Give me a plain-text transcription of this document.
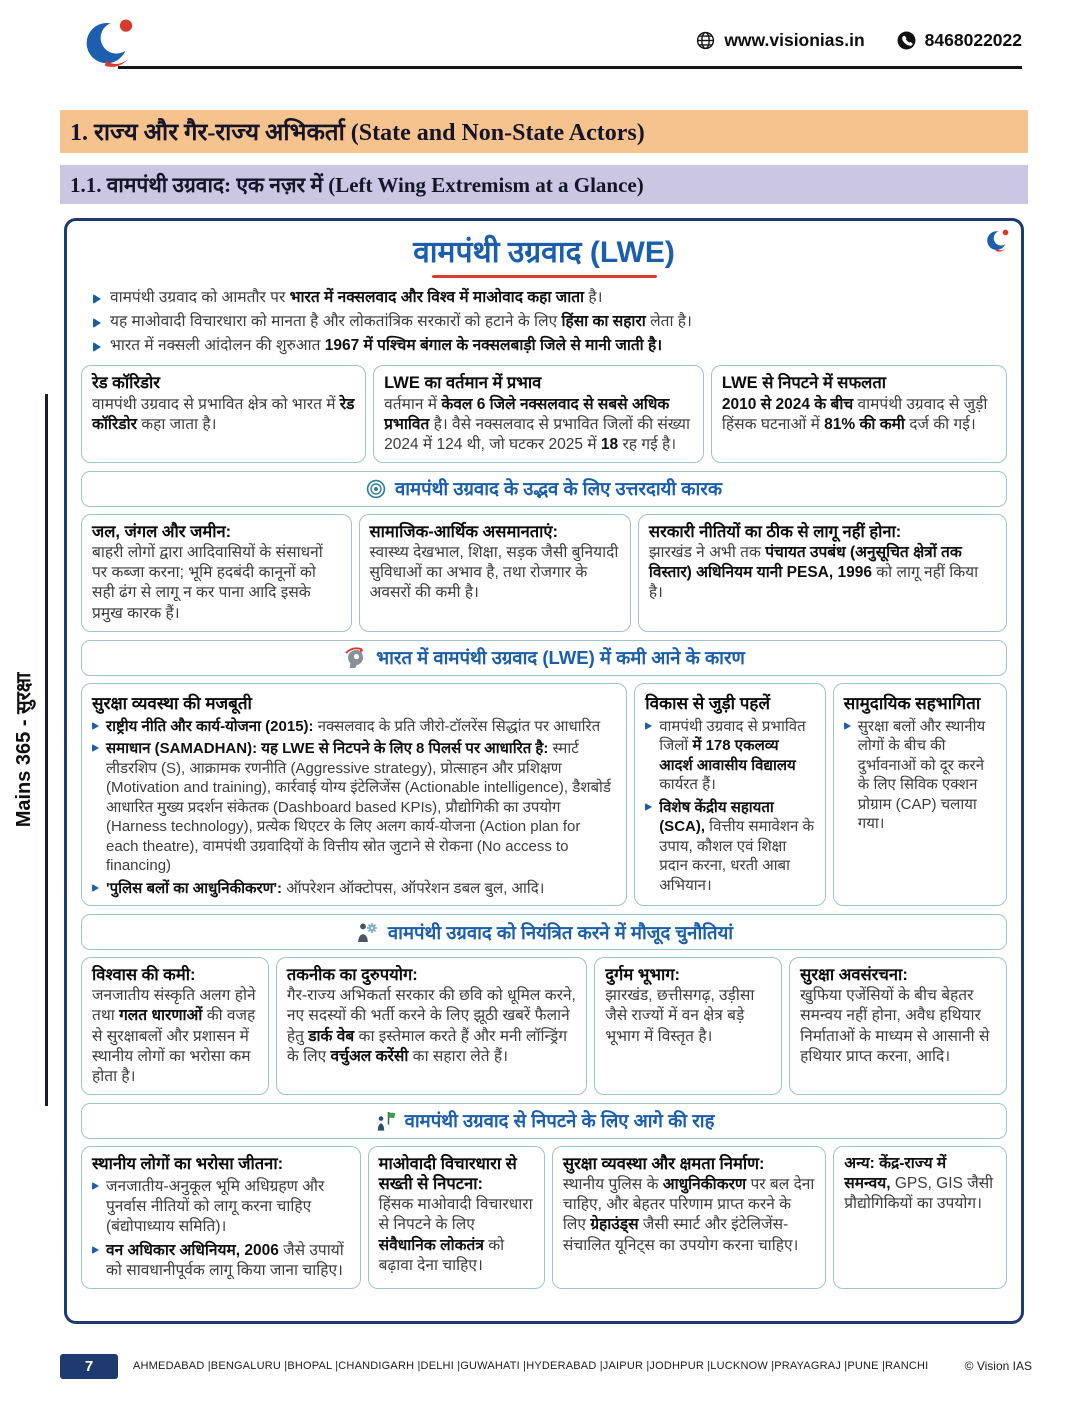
www.visionias.in	8468022022
1. राज्य और गैर-राज्य अभिकर्ता (State and Non-State Actors)
1.1. वामपंथी उग्रवाद: एक नज़र में (Left Wing Extremism at a Glance)
Mains 365 - सुरक्षा
वामपंथी उग्रवाद (LWE)
वामपंथी उग्रवाद को आमतौर पर भारत में नक्सलवाद और विश्व में माओवाद कहा जाता है।
यह माओवादी विचारधारा को मानता है और लोकतांत्रिक सरकारों को हटाने के लिए हिंसा का सहारा लेता है।
भारत में नक्सली आंदोलन की शुरुआत 1967 में पश्चिम बंगाल के नक्सलबाड़ी जिले से मानी जाती है।
रेड कॉरिडोर
वामपंथी उग्रवाद से प्रभावित क्षेत्र को भारत में रेड कॉरिडोर कहा जाता है।
LWE का वर्तमान में प्रभाव
वर्तमान में केवल 6 जिले नक्सलवाद से सबसे अधिक प्रभावित है। वैसे नक्सलवाद से प्रभावित जिलों की संख्या 2024 में 124 थी, जो घटकर 2025 में 18 रह गई है।
LWE से निपटने में सफलता
2010 से 2024 के बीच वामपंथी उग्रवाद से जुड़ी हिंसक घटनाओं में 81% की कमी दर्ज की गई।
वामपंथी उग्रवाद के उद्भव के लिए उत्तरदायी कारक
जल, जंगल और जमीन:
बाहरी लोगों द्वारा आदिवासियों के संसाधनों पर कब्जा करना; भूमि हदबंदी कानूनों को सही ढंग से लागू न कर पाना आदि इसके प्रमुख कारक हैं।
सामाजिक-आर्थिक असमानताएं:
स्वास्थ्य देखभाल, शिक्षा, सड़क जैसी बुनियादी सुविधाओं का अभाव है, तथा रोजगार के अवसरों की कमी है।
सरकारी नीतियों का ठीक से लागू नहीं होना:
झारखंड ने अभी तक पंचायत उपबंध (अनुसूचित क्षेत्रों तक विस्तार) अधिनियम यानी PESA, 1996 को लागू नहीं किया है।
भारत में वामपंथी उग्रवाद (LWE) में कमी आने के कारण
सुरक्षा व्यवस्था की मजबूती
राष्ट्रीय नीति और कार्य-योजना (2015): नक्सलवाद के प्रति जीरो-टॉलरेंस सिद्धांत पर आधारित
समाधान (SAMADHAN): यह LWE से निटपने के लिए 8 पिलर्स पर आधारित है: स्मार्ट लीडरशिप (S), आक्रामक रणनीति (Aggressive strategy), प्रोत्साहन और प्रशिक्षण (Motivation and training), कार्रवाई योग्य इंटेलिजेंस (Actionable intelligence), डैशबोर्ड आधारित मुख्य प्रदर्शन संकेतक (Dashboard based KPIs), प्रौद्योगिकी का उपयोग (Harness technology), प्रत्येक थिएटर के लिए अलग कार्य-योजना (Action plan for each theatre), वामपंथी उग्रवादियों के वित्तीय स्रोत जुटाने से रोकना (No access to financing)
'पुलिस बलों का आधुनिकीकरण': ऑपरेशन ऑक्टोपस, ऑपरेशन डबल बुल, आदि।
विकास से जुड़ी पहलें
वामपंथी उग्रवाद से प्रभावित जिलों में 178 एकलव्य आदर्श आवासीय विद्यालय कार्यरत हैं।
विशेष केंद्रीय सहायता (SCA), वित्तीय समावेशन के उपाय, कौशल एवं शिक्षा प्रदान करना, धरती आबा अभियान।
सामुदायिक सहभागिता
सुरक्षा बलों और स्थानीय लोगों के बीच की दुर्भावनाओं को दूर करने के लिए सिविक एक्शन प्रोग्राम (CAP) चलाया गया।
वामपंथी उग्रवाद को नियंत्रित करने में मौजूद चुनौतियां
विश्वास की कमी:
जनजातीय संस्कृति अलग होने तथा गलत धारणाओं की वजह से सुरक्षाबलों और प्रशासन में स्थानीय लोगों का भरोसा कम होता है।
तकनीक का दुरुपयोग:
गैर-राज्य अभिकर्ता सरकार की छवि को धूमिल करने, नए सदस्यों की भर्ती करने के लिए झूठी खबरें फैलाने हेतु डार्क वेब का इस्तेमाल करते हैं और मनी लॉन्ड्रिंग के लिए वर्चुअल करेंसी का सहारा लेते हैं।
दुर्गम भूभाग:
झारखंड, छत्तीसगढ़, उड़ीसा जैसे राज्यों में वन क्षेत्र बड़े भूभाग में विस्तृत है।
सुरक्षा अवसंरचना:
खुफिया एजेंसियों के बीच बेहतर समन्वय नहीं होना, अवैध हथियार निर्माताओं के माध्यम से आसानी से हथियार प्राप्त करना, आदि।
वामपंथी उग्रवाद से निपटने के लिए आगे की राह
स्थानीय लोगों का भरोसा जीतना:
जनजातीय-अनुकूल भूमि अधिग्रहण और पुनर्वास नीतियों को लागू करना चाहिए (बंद्योपाध्याय समिति)।
वन अधिकार अधिनियम, 2006 जैसे उपायों को सावधानीपूर्वक लागू किया जाना चाहिए।
माओवादी विचारधारा से सख्ती से निपटना:
हिंसक माओवादी विचारधारा से निपटने के लिए संवैधानिक लोकतंत्र को बढ़ावा देना चाहिए।
सुरक्षा व्यवस्था और क्षमता निर्माण:
स्थानीय पुलिस के आधुनिकीकरण पर बल देना चाहिए, और बेहतर परिणाम प्राप्त करने के लिए ग्रेहाउंड्स जैसी स्मार्ट और इंटेलिजेंस-संचालित यूनिट्स का उपयोग करना चाहिए।
अन्य: केंद्र-राज्य में समन्वय, GPS, GIS जैसी प्रौद्योगिकियों का उपयोग।
7	AHMEDABAD |BENGALURU |BHOPAL |CHANDIGARH |DELHI |GUWAHATI |HYDERABAD |JAIPUR |JODHPUR |LUCKNOW |PRAYAGRAJ |PUNE |RANCHI	© Vision IAS
